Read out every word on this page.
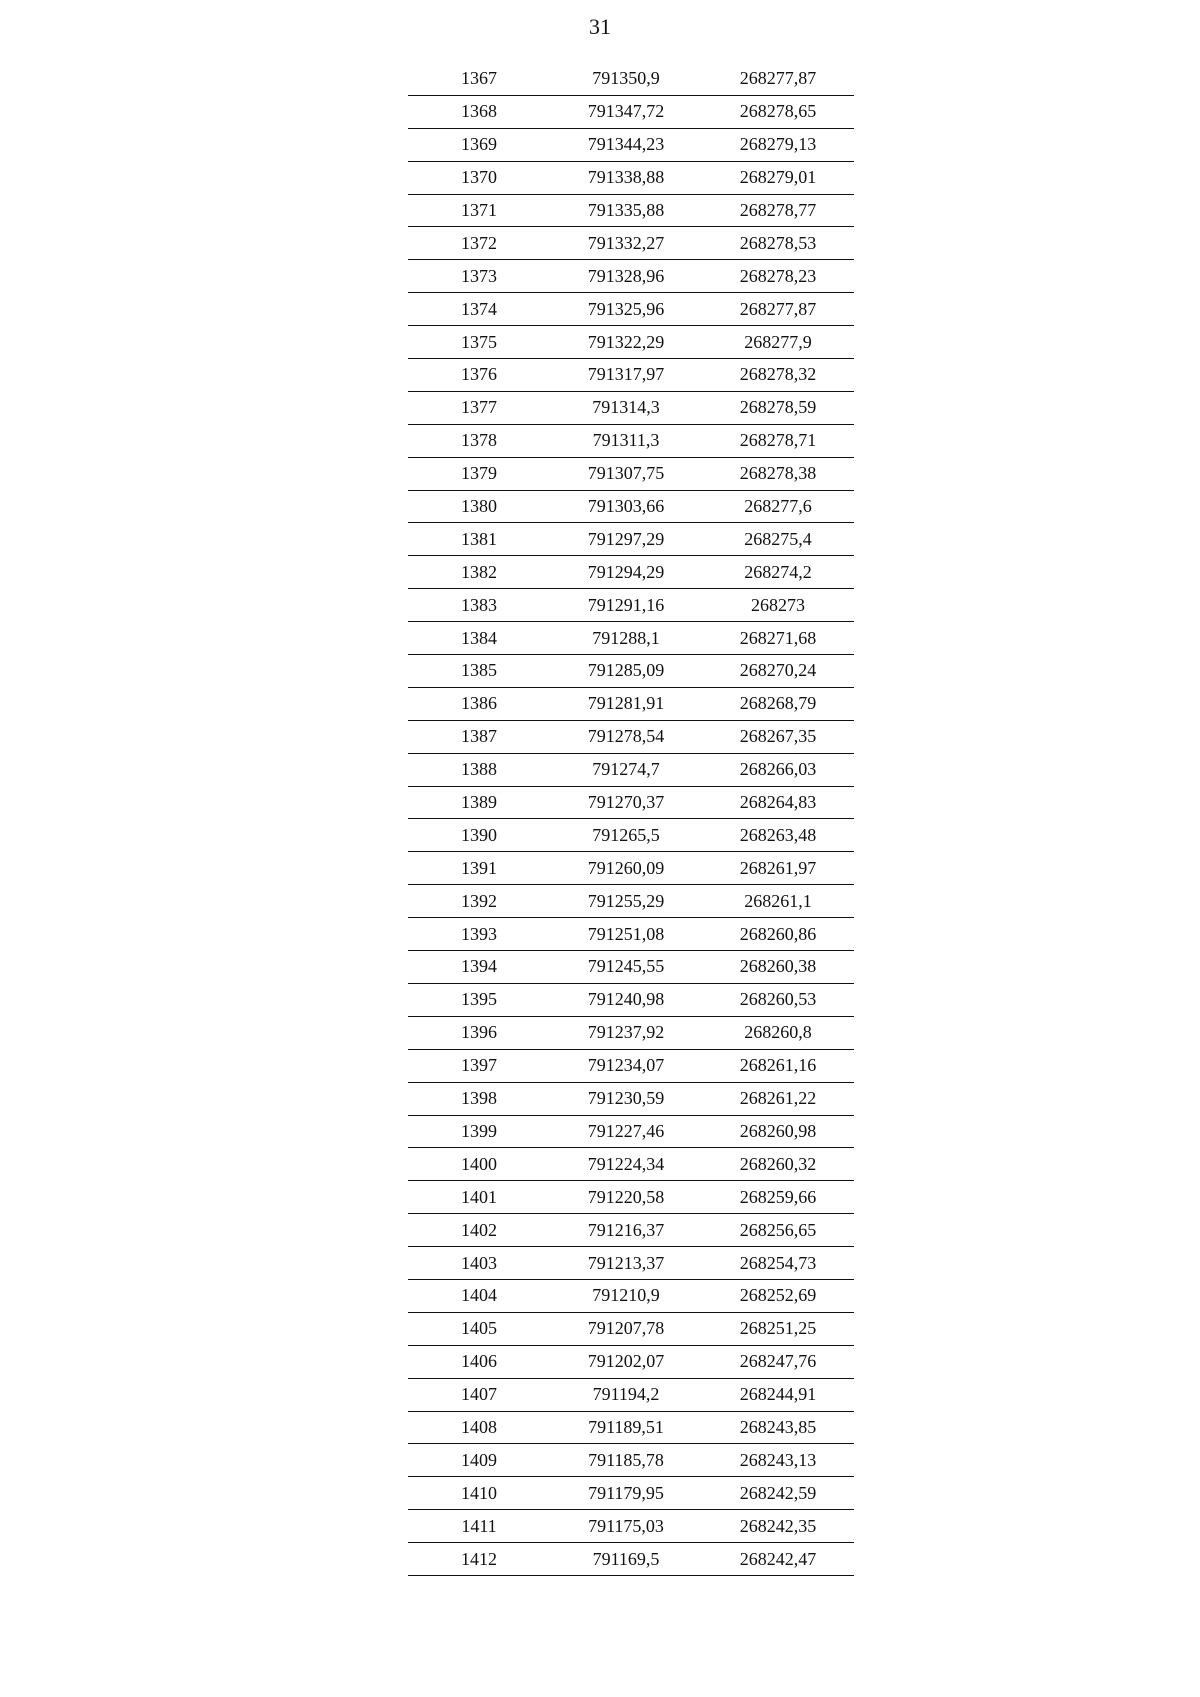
31
1367	791350,9	268277,87
1368	791347,72	268278,65
1369	791344,23	268279,13
1370	791338,88	268279,01
1371	791335,88	268278,77
1372	791332,27	268278,53
1373	791328,96	268278,23
1374	791325,96	268277,87
1375	791322,29	268277,9
1376	791317,97	268278,32
1377	791314,3	268278,59
1378	791311,3	268278,71
1379	791307,75	268278,38
1380	791303,66	268277,6
1381	791297,29	268275,4
1382	791294,29	268274,2
1383	791291,16	268273
1384	791288,1	268271,68
1385	791285,09	268270,24
1386	791281,91	268268,79
1387	791278,54	268267,35
1388	791274,7	268266,03
1389	791270,37	268264,83
1390	791265,5	268263,48
1391	791260,09	268261,97
1392	791255,29	268261,1
1393	791251,08	268260,86
1394	791245,55	268260,38
1395	791240,98	268260,53
1396	791237,92	268260,8
1397	791234,07	268261,16
1398	791230,59	268261,22
1399	791227,46	268260,98
1400	791224,34	268260,32
1401	791220,58	268259,66
1402	791216,37	268256,65
1403	791213,37	268254,73
1404	791210,9	268252,69
1405	791207,78	268251,25
1406	791202,07	268247,76
1407	791194,2	268244,91
1408	791189,51	268243,85
1409	791185,78	268243,13
1410	791179,95	268242,59
1411	791175,03	268242,35
1412	791169,5	268242,47
